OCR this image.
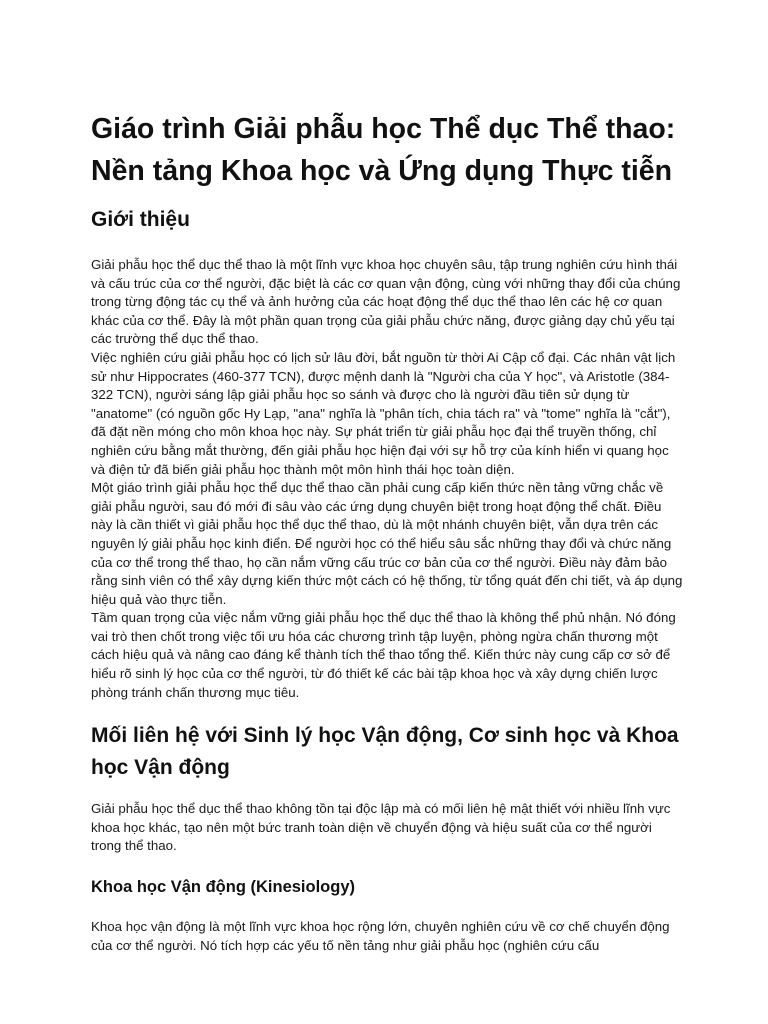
Giáo trình Giải phẫu học Thể dục Thể thao: Nền tảng Khoa học và Ứng dụng Thực tiễn
Giới thiệu

Giải phẫu học thể dục thể thao là một lĩnh vực khoa học chuyên sâu, tập trung nghiên cứu hình thái và cấu trúc của cơ thể người, đặc biệt là các cơ quan vận động, cùng với những thay đổi của chúng trong từng động tác cụ thể và ảnh hưởng của các hoạt động thể dục thể thao lên các hệ cơ quan khác của cơ thể. Đây là một phần quan trọng của giải phẫu chức năng, được giảng dạy chủ yếu tại các trường thể dục thể thao.

Việc nghiên cứu giải phẫu học có lịch sử lâu đời, bắt nguồn từ thời Ai Cập cổ đại. Các nhân vật lịch sử như Hippocrates (460-377 TCN), được mệnh danh là "Người cha của Y học", và Aristotle (384-322 TCN), người sáng lập giải phẫu học so sánh và được cho là người đầu tiên sử dụng từ "anatome" (có nguồn gốc Hy Lạp, "ana" nghĩa là "phân tích, chia tách ra" và "tome" nghĩa là "cắt"), đã đặt nền móng cho môn khoa học này. Sự phát triển từ giải phẫu học đại thể truyền thống, chỉ nghiên cứu bằng mắt thường, đến giải phẫu học hiện đại với sự hỗ trợ của kính hiển vi quang học và điện tử đã biến giải phẫu học thành một môn hình thái học toàn diện.

Một giáo trình giải phẫu học thể dục thể thao cần phải cung cấp kiến thức nền tảng vững chắc về giải phẫu người, sau đó mới đi sâu vào các ứng dụng chuyên biệt trong hoạt động thể chất. Điều này là cần thiết vì giải phẫu học thể dục thể thao, dù là một nhánh chuyên biệt, vẫn dựa trên các nguyên lý giải phẫu học kinh điển. Để người học có thể hiểu sâu sắc những thay đổi và chức năng của cơ thể trong thể thao, họ cần nắm vững cấu trúc cơ bản của cơ thể người. Điều này đảm bảo rằng sinh viên có thể xây dựng kiến thức một cách có hệ thống, từ tổng quát đến chi tiết, và áp dụng hiệu quả vào thực tiễn.

Tầm quan trọng của việc nắm vững giải phẫu học thể dục thể thao là không thể phủ nhận. Nó đóng vai trò then chốt trong việc tối ưu hóa các chương trình tập luyện, phòng ngừa chấn thương một cách hiệu quả và nâng cao đáng kể thành tích thể thao tổng thể. Kiến thức này cung cấp cơ sở để hiểu rõ sinh lý học của cơ thể người, từ đó thiết kế các bài tập khoa học và xây dựng chiến lược phòng tránh chấn thương mục tiêu.

Mối liên hệ với Sinh lý học Vận động, Cơ sinh học và Khoa học Vận động

Giải phẫu học thể dục thể thao không tồn tại độc lập mà có mối liên hệ mật thiết với nhiều lĩnh vực khoa học khác, tạo nên một bức tranh toàn diện về chuyển động và hiệu suất của cơ thể người trong thể thao.

Khoa học Vận động (Kinesiology)

Khoa học vận động là một lĩnh vực khoa học rộng lớn, chuyên nghiên cứu về cơ chế chuyển động của cơ thể người. Nó tích hợp các yếu tố nền tảng như giải phẫu học (nghiên cứu cấu
